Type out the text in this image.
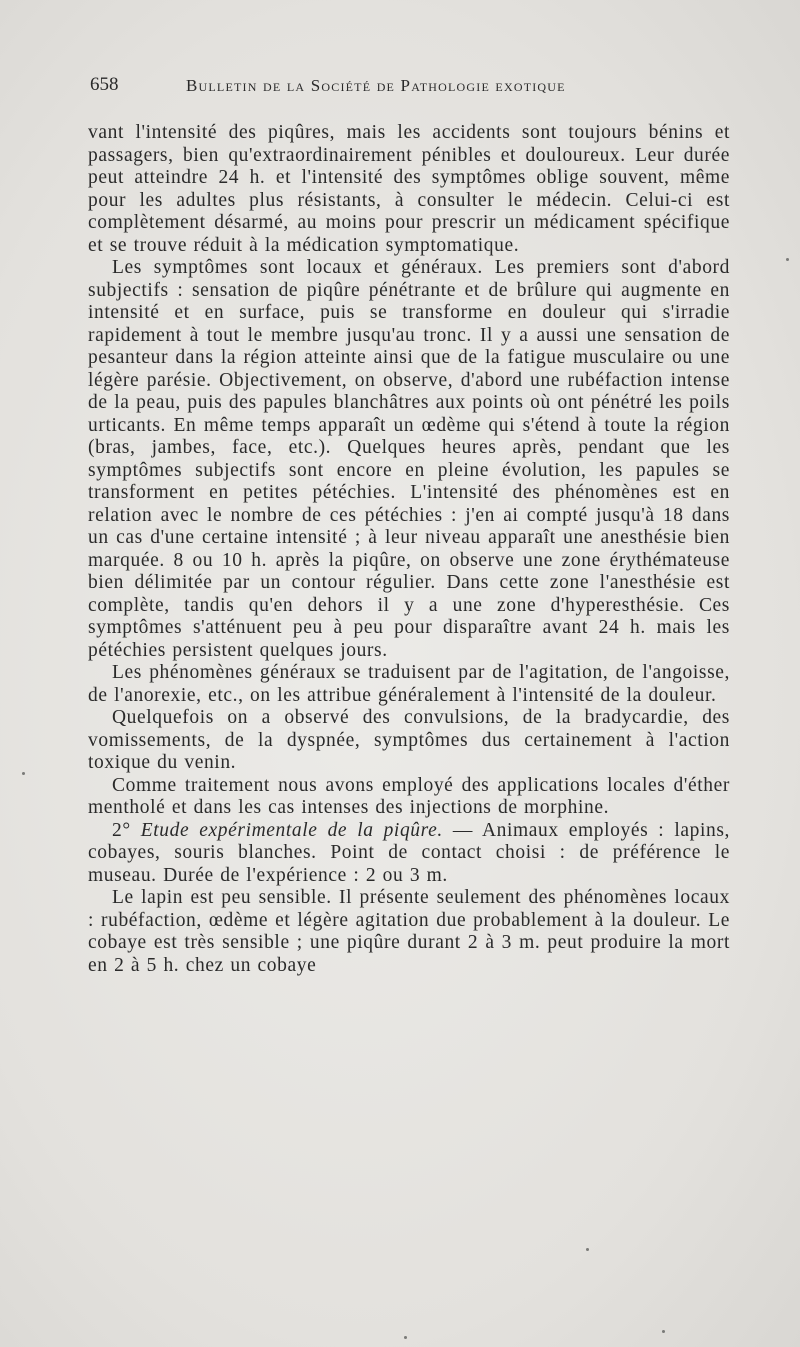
658	Bulletin de la Société de Pathologie exotique

vant l'intensité des piqûres, mais les accidents sont toujours bénins et passagers, bien qu'extraordinairement pénibles et douloureux. Leur durée peut atteindre 24 h. et l'intensité des symptômes oblige souvent, même pour les adultes plus résistants, à consulter le médecin. Celui-ci est complètement désarmé, au moins pour prescrir un médicament spécifique et se trouve réduit à la médication symptomatique.

Les symptômes sont locaux et généraux. Les premiers sont d'abord subjectifs : sensation de piqûre pénétrante et de brûlure qui augmente en intensité et en surface, puis se transforme en douleur qui s'irradie rapidement à tout le membre jusqu'au tronc. Il y a aussi une sensation de pesanteur dans la région atteinte ainsi que de la fatigue musculaire ou une légère parésie. Objectivement, on observe, d'abord une rubéfaction intense de la peau, puis des papules blanchâtres aux points où ont pénétré les poils urticants. En même temps apparaît un œdème qui s'étend à toute la région (bras, jambes, face, etc.). Quelques heures après, pendant que les symptômes subjectifs sont encore en pleine évolution, les papules se transforment en petites pétéchies. L'intensité des phénomènes est en relation avec le nombre de ces pétéchies : j'en ai compté jusqu'à 18 dans un cas d'une certaine intensité ; à leur niveau apparaît une anesthésie bien marquée. 8 ou 10 h. après la piqûre, on observe une zone érythémateuse bien délimitée par un contour régulier. Dans cette zone l'anesthésie est complète, tandis qu'en dehors il y a une zone d'hyperesthésie. Ces symptômes s'atténuent peu à peu pour disparaître avant 24 h. mais les pétéchies persistent quelques jours.

Les phénomènes généraux se traduisent par de l'agitation, de l'angoisse, de l'anorexie, etc., on les attribue généralement à l'intensité de la douleur.

Quelquefois on a observé des convulsions, de la bradycardie, des vomissements, de la dyspnée, symptômes dus certainement à l'action toxique du venin.

Comme traitement nous avons employé des applications locales d'éther mentholé et dans les cas intenses des injections de morphine.

2° Etude expérimentale de la piqûre. — Animaux employés : lapins, cobayes, souris blanches. Point de contact choisi : de préférence le museau. Durée de l'expérience : 2 ou 3 m.

Le lapin est peu sensible. Il présente seulement des phénomènes locaux : rubéfaction, œdème et légère agitation due probablement à la douleur. Le cobaye est très sensible ; une piqûre durant 2 à 3 m. peut produire la mort en 2 à 5 h. chez un cobaye
